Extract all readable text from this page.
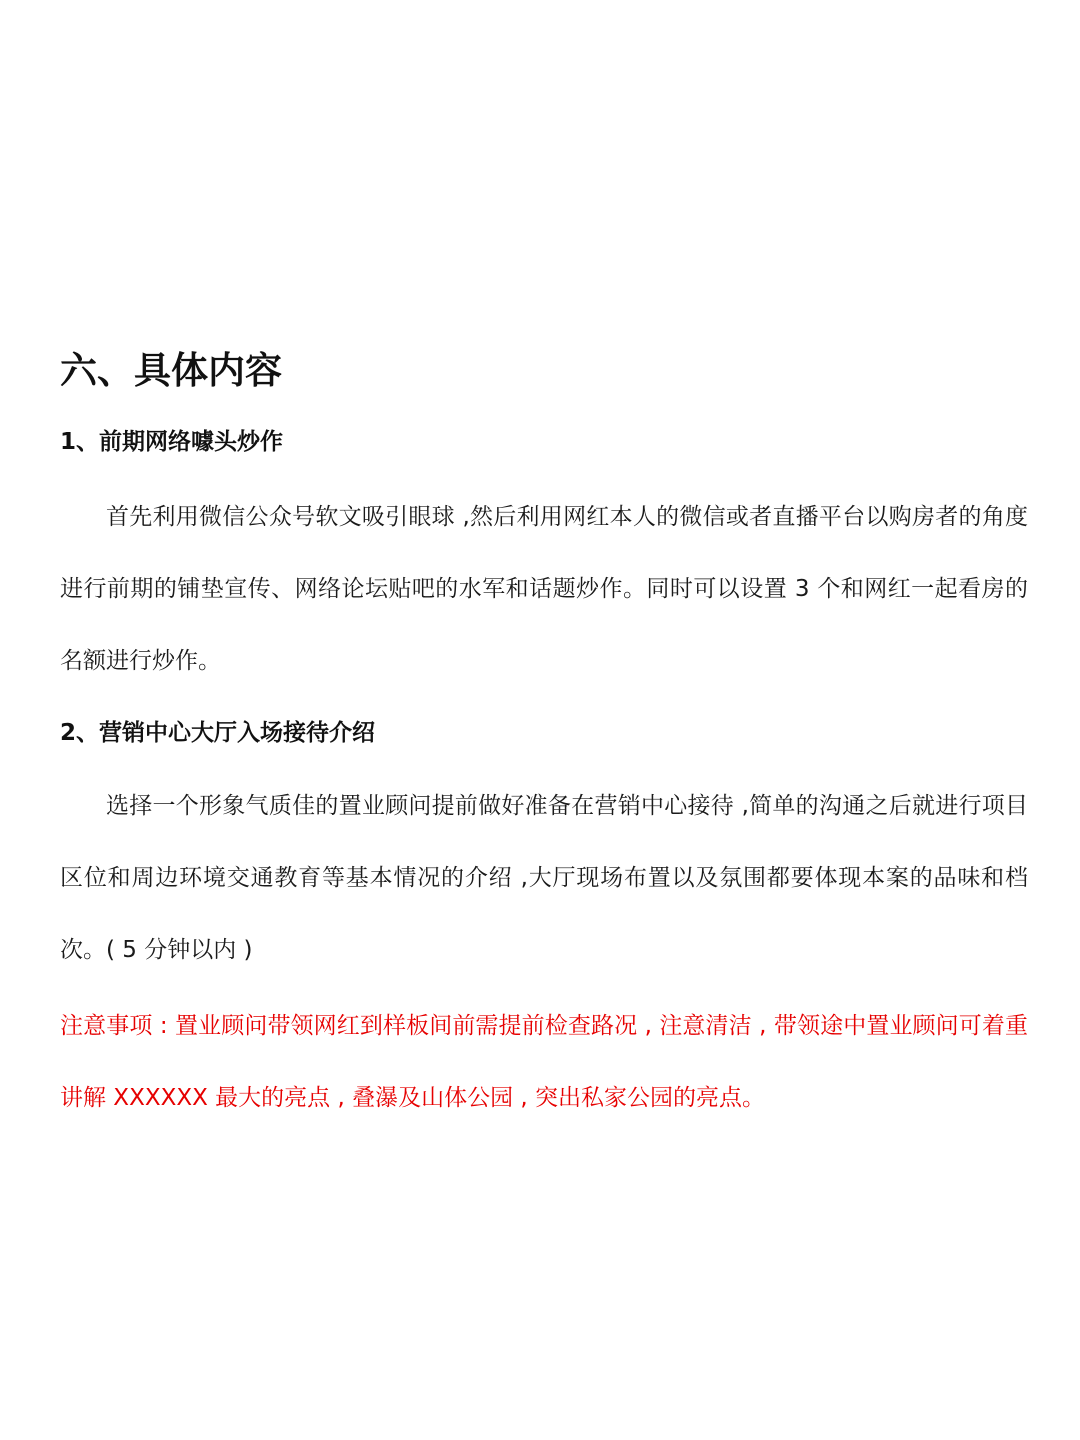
六、具体内容
1、前期网络噱头炒作

首先利用微信公众号软文吸引眼球 ,然后利用网红本人的微信或者直播平台以购房者的角度进行前期的铺垫宣传、网络论坛贴吧的水军和话题炒作。同时可以设置 3 个和网红一起看房的名额进行炒作。

2、营销中心大厅入场接待介绍

选择一个形象气质佳的置业顾问提前做好准备在营销中心接待 ,简单的沟通之后就进行项目区位和周边环境交通教育等基本情况的介绍 ,大厅现场布置以及氛围都要体现本案的品味和档次。( 5 分钟以内 )

注意事项 : 置业顾问带领网红到样板间前需提前检查路况 , 注意清洁 , 带领途中置业顾问可着重讲解 XXXXXX 最大的亮点 , 叠瀑及山体公园 , 突出私家公园的亮点。
